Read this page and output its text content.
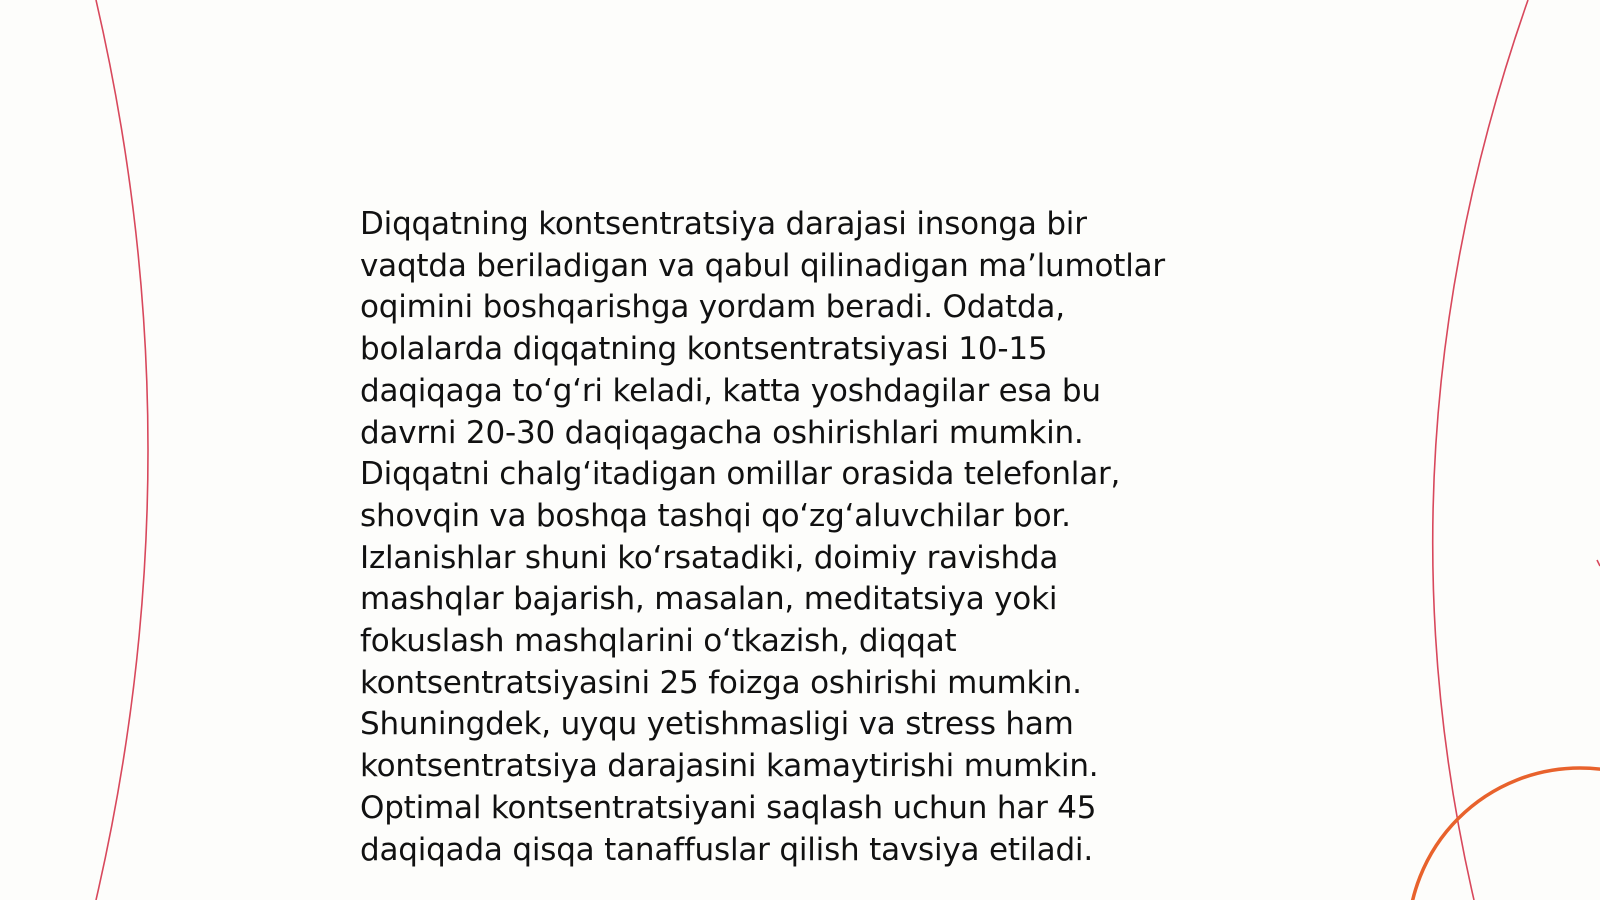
Diqqatning kontsentratsiya darajasi insonga bir
vaqtda beriladigan va qabul qilinadigan ma’lumotlar
oqimini boshqarishga yordam beradi. Odatda,
bolalarda diqqatning kontsentratsiyasi 10-15
daqiqaga to‘g‘ri keladi, katta yoshdagilar esa bu
davrni 20-30 daqiqagacha oshirishlari mumkin.
Diqqatni chalg‘itadigan omillar orasida telefonlar,
shovqin va boshqa tashqi qo‘zg‘aluvchilar bor.
Izlanishlar shuni ko‘rsatadiki, doimiy ravishda
mashqlar bajarish, masalan, meditatsiya yoki
fokuslash mashqlarini o‘tkazish, diqqat
kontsentratsiyasini 25 foizga oshirishi mumkin.
Shuningdek, uyqu yetishmasligi va stress ham
kontsentratsiya darajasini kamaytirishi mumkin.
Optimal kontsentratsiyani saqlash uchun har 45
daqiqada qisqa tanaffuslar qilish tavsiya etiladi.
